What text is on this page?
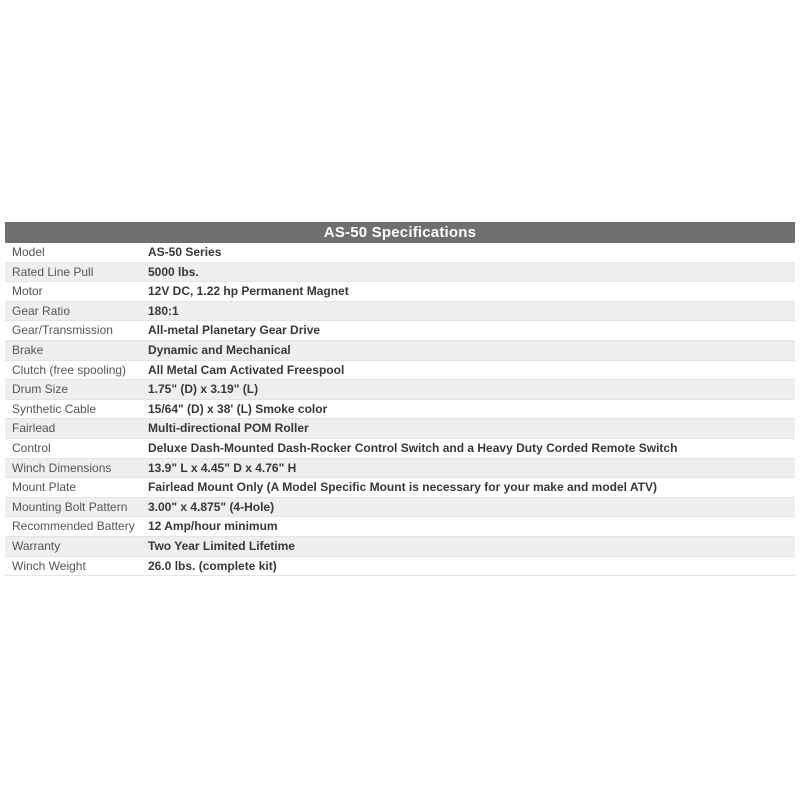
AS-50 Specifications
Model	AS-50 Series
Rated Line Pull	5000 lbs.
Motor	12V DC, 1.22 hp Permanent Magnet
Gear Ratio	180:1
Gear/Transmission	All-metal Planetary Gear Drive
Brake	Dynamic and Mechanical
Clutch (free spooling)	All Metal Cam Activated Freespool
Drum Size	1.75" (D) x 3.19" (L)
Synthetic Cable	15/64" (D) x 38' (L) Smoke color
Fairlead	Multi-directional POM Roller
Control	Deluxe Dash-Mounted Dash-Rocker Control Switch and a Heavy Duty Corded Remote Switch
Winch Dimensions	13.9" L x 4.45" D x 4.76" H
Mount Plate	Fairlead Mount Only (A Model Specific Mount is necessary for your make and model ATV)
Mounting Bolt Pattern	3.00" x 4.875" (4-Hole)
Recommended Battery	12 Amp/hour minimum
Warranty	Two Year Limited Lifetime
Winch Weight	26.0 lbs. (complete kit)
